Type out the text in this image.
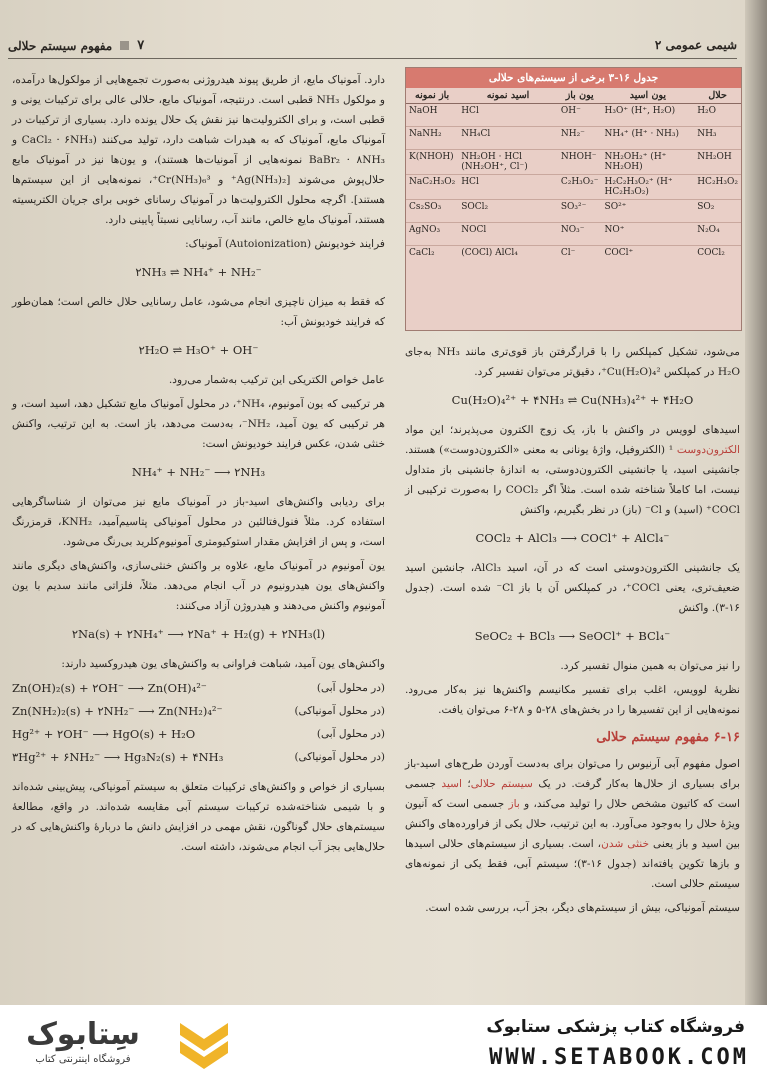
شیمی عمومی ۲
۷
مفهوم سیستم حلالی
جدول ۱۶-۳ برخی از سیستم‌های حلالی
حلال	یون اسید	یون باز	اسید نمونه	باز نمونه
H₂O	H₃O⁺ (H⁺, H₂O)	OH⁻	HCl	NaOH
NH₃	NH₄⁺ (H⁺ · NH₃)	NH₂⁻	NH₄Cl	NaNH₂
NH₂OH	NH₂OH₂⁺ (H⁺ NH₂OH)	NHOH⁻	NH₂OH · HCl (NH₂OH⁺, Cl⁻)	K(NHOH)
HC₂H₃O₂	H₂C₂H₃O₂⁺ (H⁺ HC₂H₃O₂)	C₂H₃O₂⁻	HCl	NaC₂H₃O₂
SO₂	SO²⁺	SO₃²⁻	SOCl₂	Cs₂SO₃
N₂O₄	NO⁺	NO₃⁻	NOCl	AgNO₃
COCl₂	COCl⁺	Cl⁻	(COCl) AlCl₄	CaCl₂

دارد. آمونیاک مایع، از طریق پیوند هیدروژنی به‌صورت تجمع‌هایی از مولکول‌ها درآمده، و مولکول NH₃ قطبی است. درنتیجه، آمونیاک مایع، حلالی عالی برای ترکیبات یونی و قطبی است، و برای الکترولیت‌ها نیز نقش یک حلال یونده دارد. بسیاری از ترکیبات در آمونیاک مایع، آمونیاک که به هیدرات شباهت دارد، تولید می‌کنند (CaCl₂ · ۶NH₃ و BaBr₂ · ۸NH₃ نمونه‌هایی از آمونیات‌ها هستند)، و یون‌ها نیز در آمونیاک مایع حلال‌پوش می‌شوند [Ag(NH₃)₂⁺ و Cr(NH₃)₆³⁺، نمونه‌هایی از این سیستم‌ها هستند]. اگرچه محلول الکترولیت‌ها در آمونیاک رسانای خوبی برای جریان الکتریسیته هستند، آمونیاک مایع خالص، مانند آب، رسانایی نسبتاً پایینی دارد.

فرایند خودیونش (Autoionization) آمونیاک:

۲NH₃ ⇌ NH₄⁺ + NH₂⁻

که فقط به میزان ناچیزی انجام می‌شود، عامل رسانایی حلال خالص است؛ همان‌طور که فرایند خودیونش آب:

۲H₂O ⇌ H₃O⁺ + OH⁻

عامل خواص الکتریکی این ترکیب به‌شمار می‌رود.

هر ترکیبی که یون آمونیوم، NH₄⁺، در محلول آمونیاک مایع تشکیل دهد، اسید است، و هر ترکیبی که یون آمید، NH₂⁻، به‌دست می‌دهد، باز است. به این ترتیب، واکنش خنثی شدن، عکس فرایند خودیونش است:

NH₄⁺ + NH₂⁻ ⟶ ۲NH₃

برای ردیابی واکنش‌های اسید-باز در آمونیاک مایع نیز می‌توان از شناساگرهایی استفاده کرد. مثلاً فنول‌فتالئین در محلول آمونیاکی پتاسیم‌آمید، KNH₂، قرمزرنگ است، و پس از افزایش مقدار استوکیومتری آمونیوم‌کلرید بی‌رنگ می‌شود.

یون آمونیوم در آمونیاک مایع، علاوه بر واکنش خنثی‌سازی، واکنش‌های دیگری مانند واکنش‌های یون هیدرونیوم در آب انجام می‌دهد. مثلاً، فلزاتی مانند سدیم با یون آمونیوم واکنش می‌دهند و هیدروژن آزاد می‌کنند:

۲Na(s) + ۲NH₄⁺ ⟶ ۲Na⁺ + H₂(g) + ۲NH₃(l)

واکنش‌های یون آمید، شباهت فراوانی به واکنش‌های یون هیدروکسید دارند:

(در محلول آبی)
Zn(OH)₂(s) + ۲OH⁻ ⟶ Zn(OH)₄²⁻
(در محلول آمونیاکی)
Zn(NH₂)₂(s) + ۲NH₂⁻ ⟶ Zn(NH₂)₄²⁻
(در محلول آبی)
Hg²⁺ + ۲OH⁻ ⟶ HgO(s) + H₂O
(در محلول آمونیاکی)
۳Hg²⁺ + ۶NH₂⁻ ⟶ Hg₃N₂(s) + ۴NH₃

بسیاری از خواص و واکنش‌های ترکیبات متعلق به سیستم آمونیاکی، پیش‌بینی شده‌اند و با شیمی شناخته‌شده ترکیبات سیستم آبی مقایسه شده‌اند. در واقع، مطالعهٔ سیستم‌های حلال گوناگون، نقش مهمی در افزایش دانش ما دربارهٔ واکنش‌هایی که در حلال‌هایی بجز آب انجام می‌شوند، داشته است.

می‌شود، تشکیل کمپلکس را با قرارگرفتن باز قوی‌تری مانند NH₃ به‌جای H₂O در کمپلکس Cu(H₂O)₄²⁺، دقیق‌تر می‌توان تفسیر کرد.

Cu(H₂O)₄²⁺ + ۴NH₃ ⇌ Cu(NH₃)₄²⁺ + ۴H₂O

اسیدهای لوویس در واکنش با باز، یک زوج الکترون می‌پذیرند؛ این مواد الکترون‌دوست ¹ (الکتروفیل، واژهٔ یونانی به معنی «الکترون‌دوست») هستند. جانشینی اسید، یا جانشینی الکترون‌دوستی، به اندازهٔ جانشینی باز متداول نیست، اما کاملاً شناخته شده است. مثلاً اگر COCl₂ را به‌صورت ترکیبی از COCl⁺ (اسید) و Cl⁻ (باز) در نظر بگیریم، واکنش

COCl₂ + AlCl₃ ⟶ COCl⁺ + AlCl₄⁻

یک جانشینی الکترون‌دوستی است که در آن، اسید AlCl₃، جانشین اسید ضعیف‌تری، یعنی COCl⁺، در کمپلکس آن با باز Cl⁻ شده است. (جدول ۱۶-۳). واکنش

SeOC₂ + BCl₃ ⟶ SeOCl⁺ + BCl₄⁻

را نیز می‌توان به همین منوال تفسیر کرد.

نظریهٔ لوویس، اغلب برای تفسیر مکانیسم واکنش‌ها نیز به‌کار می‌رود. نمونه‌هایی از این تفسیرها را در بخش‌های ۲۸-۵ و ۲۸-۶ می‌توان یافت.

۶-۱۶ مفهوم سیستم حلالی

اصول مفهوم آبی آرنیوس را می‌توان برای به‌دست آوردن طرح‌های اسید-باز برای بسیاری از حلال‌ها به‌کار گرفت. در یک سیستم حلالی؛ اسید جسمی است که کاتیون مشخص حلال را تولید می‌کند، و باز جسمی است که آنیون ویژهٔ حلال را به‌وجود می‌آورد. به این ترتیب، حلال یکی از فراورده‌های واکنش بین اسید و باز یعنی خنثی شدن، است. بسیاری از سیستم‌های حلالی اسیدها و بازها تکوین یافته‌اند (جدول ۱۶-۳)؛ سیستم آبی، فقط یکی از نمونه‌های سیستم حلالی است.

سیستم آمونیاکی، بیش از سیستم‌های دیگر، بجز آب، بررسی شده است.

سِتابوک
فروشگاه اینترنتی کتاب
فروشگاه کتاب پزشکی ستابوک
WWW.SETABOOK.COM
